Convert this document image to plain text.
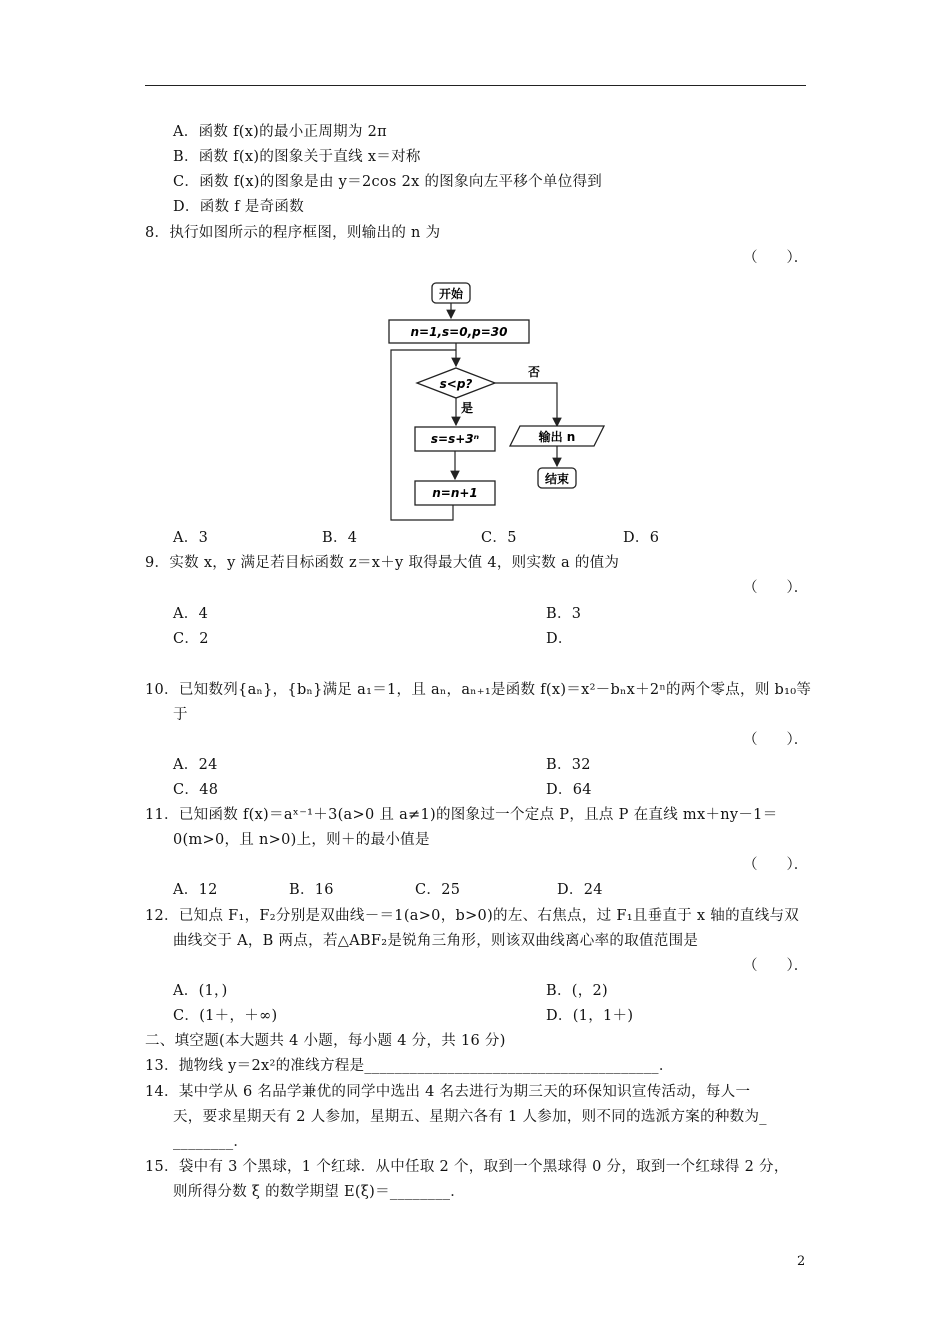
A．函数 f(x)的最小正周期为 2π
B．函数 f(x)的图象关于直线 x＝对称
C．函数 f(x)的图象是由 y＝2cos 2x 的图象向左平移个单位得到
D．函数 f 是奇函数
8．执行如图所示的程序框图，则输出的 n 为
（　　）．
开始
n=1,s=0,p=30
s<p?
否
是
s=s+3ⁿ
n=n+1
输出 n
结束
A．3	B．4	C．5	D．6
9．实数 x，y 满足若目标函数 z＝x＋y 取得最大值 4，则实数 a 的值为
（　　）．
A．4	B．3
C．2	D．
10．已知数列{aₙ}，{bₙ}满足 a₁＝1，且 aₙ，aₙ₊₁是函数 f(x)＝x²－bₙx＋2ⁿ的两个零点，则 b₁₀等
于
（　　）．
A．24	B．32
C．48	D．64
11．已知函数 f(x)＝aˣ⁻¹＋3(a>0 且 a≠1)的图象过一个定点 P，且点 P 在直线 mx＋ny－1＝
0(m>0，且 n>0)上，则＋的最小值是
（　　）．
A．12	B．16	C．25	D．24
12．已知点 F₁，F₂分别是双曲线－＝1(a>0，b>0)的左、右焦点，过 F₁且垂直于 x 轴的直线与双
曲线交于 A，B 两点，若△ABF₂是锐角三角形，则该双曲线离心率的取值范围是
（　　）．
A．(1，)	B．(，2)
C．(1＋，＋∞)	D．(1，1＋)
二、填空题(本大题共 4 小题，每小题 4 分，共 16 分)
13．抛物线 y＝2x²的准线方程是_______________________________________．
14．某中学从 6 名品学兼优的同学中选出 4 名去进行为期三天的环保知识宣传活动，每人一
天，要求星期天有 2 人参加，星期五、星期六各有 1 人参加，则不同的选派方案的种数为_
________．
15．袋中有 3 个黑球，1 个红球．从中任取 2 个，取到一个黑球得 0 分，取到一个红球得 2 分，
则所得分数 ξ 的数学期望 E(ξ)＝________．
2
